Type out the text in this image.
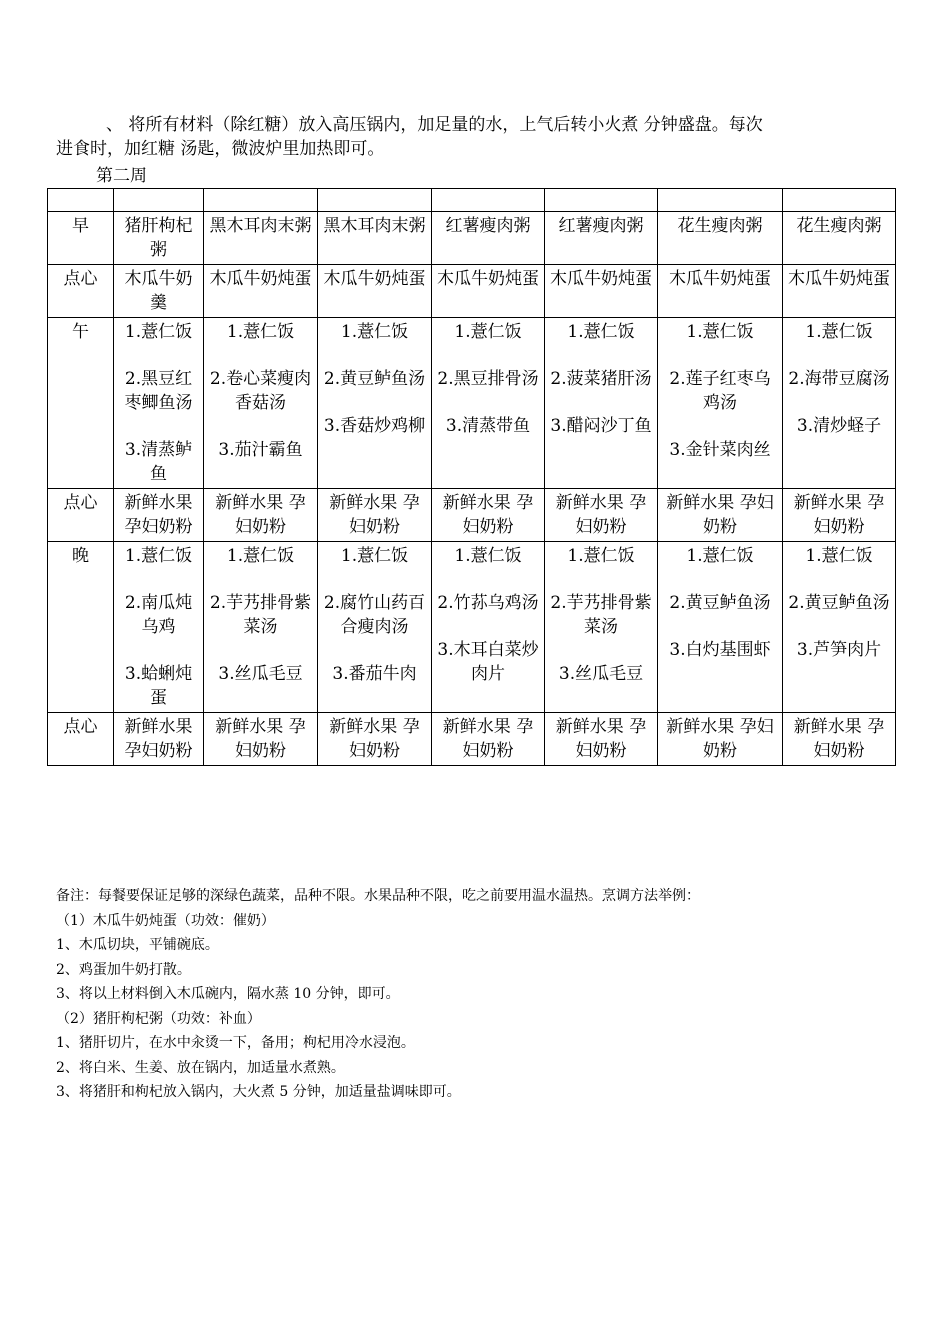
、 将所有材料（除红糖）放入高压锅内，加足量的水，上气后转小火煮 分钟盛盘。每次

进食时，加红糖 汤匙，微波炉里加热即可。

第二周

早	猪肝枸杞粥	黑木耳肉末粥	黑木耳肉末粥	红薯瘦肉粥	红薯瘦肉粥	花生瘦肉粥	花生瘦肉粥

点心	木瓜牛奶羹	木瓜牛奶炖蛋	木瓜牛奶炖蛋	木瓜牛奶炖蛋	木瓜牛奶炖蛋	木瓜牛奶炖蛋	木瓜牛奶炖蛋

午	1.薏仁饭
2.黑豆红枣鲫鱼汤
3.清蒸鲈鱼	1.薏仁饭
2.卷心菜瘦肉香菇汤
3.茄汁霸鱼	1.薏仁饭
2.黄豆鲈鱼汤
3.香菇炒鸡柳	1.薏仁饭
2.黑豆排骨汤
3.清蒸带鱼	1.薏仁饭
2.菠菜猪肝汤
3.醋闷沙丁鱼	1.薏仁饭
2.莲子红枣乌鸡汤
3.金针菜肉丝	1.薏仁饭
2.海带豆腐汤
3.清炒蛏子

点心	新鲜水果 孕妇奶粉	新鲜水果 孕妇奶粉	新鲜水果 孕妇奶粉	新鲜水果 孕妇奶粉	新鲜水果 孕妇奶粉	新鲜水果 孕妇奶粉	新鲜水果 孕妇奶粉

晚	1.薏仁饭
2.南瓜炖乌鸡
3.蛤蜊炖蛋	1.薏仁饭
2.芋艿排骨紫菜汤
3.丝瓜毛豆	1.薏仁饭
2.腐竹山药百合瘦肉汤
3.番茄牛肉	1.薏仁饭
2.竹荪乌鸡汤
3.木耳白菜炒肉片	1.薏仁饭
2.芋艿排骨紫菜汤
3.丝瓜毛豆	1.薏仁饭
2.黄豆鲈鱼汤
3.白灼基围虾	1.薏仁饭
2.黄豆鲈鱼汤
3.芦笋肉片

点心	新鲜水果 孕妇奶粉	新鲜水果 孕妇奶粉	新鲜水果 孕妇奶粉	新鲜水果 孕妇奶粉	新鲜水果 孕妇奶粉	新鲜水果 孕妇奶粉	新鲜水果 孕妇奶粉

备注：每餐要保证足够的深绿色蔬菜，品种不限。水果品种不限，吃之前要用温水温热。烹调方法举例：

（1）木瓜牛奶炖蛋（功效：催奶）

1、木瓜切块，平铺碗底。

2、鸡蛋加牛奶打散。

3、将以上材料倒入木瓜碗内，隔水蒸 10 分钟，即可。

（2）猪肝枸杞粥（功效：补血）

1、猪肝切片，在水中汆烫一下，备用；枸杞用冷水浸泡。

2、将白米、生姜、放在锅内，加适量水煮熟。

3、将猪肝和枸杞放入锅内，大火煮 5 分钟，加适量盐调味即可。
